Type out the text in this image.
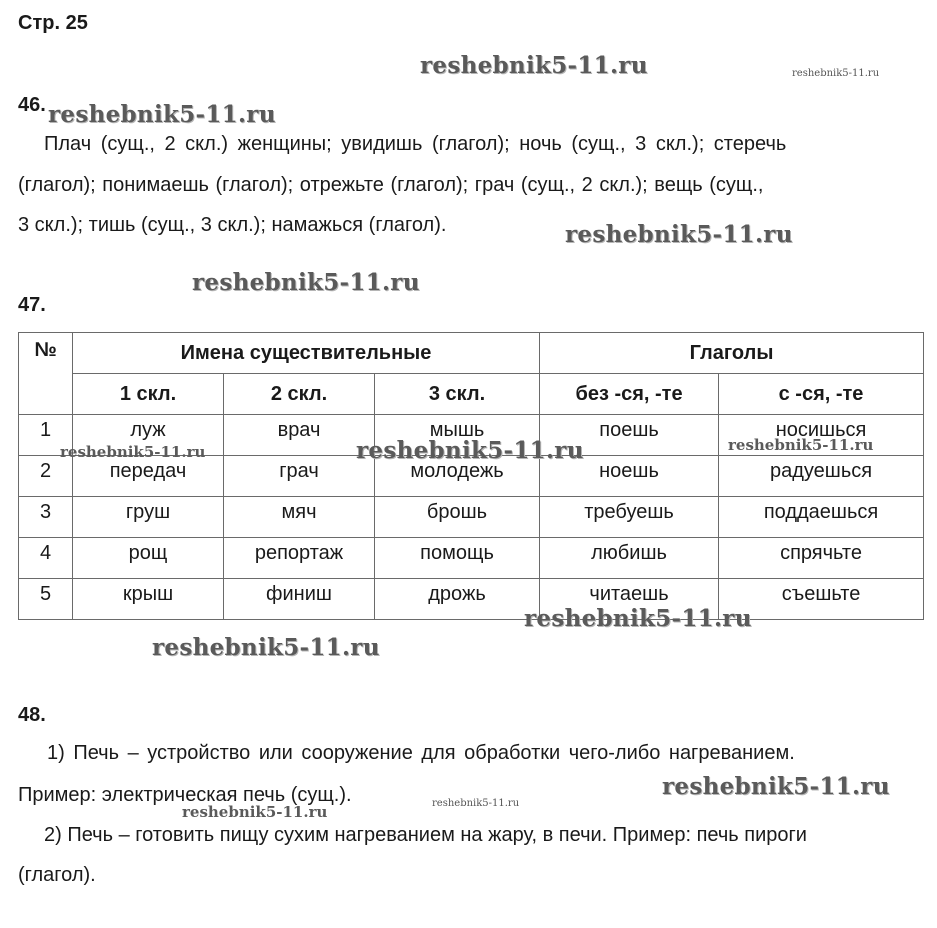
Стр. 25
reshebnik5-11.ru	reshebnik5-11.ru
reshebnik5-11.ru
reshebnik5-11.ru
reshebnik5-11.ru
46.
Плач (сущ., 2 скл.) женщины; увидишь (глагол); ночь (сущ., 3 скл.); стеречь
(глагол); понимаешь (глагол); отрежьте (глагол); грач (сущ., 2 скл.); вещь (сущ.,
3 скл.); тишь (сущ., 3 скл.); намажься (глагол).
47.
№	Имена существительные			Глаголы	
	1 скл.	2 скл.	3 скл.	без -ся, -те	с -ся, -те
1	луж	врач	мышь	поешь	носишься
2	передач	грач	молодежь	ноешь	радуешься
3	груш	мяч	брошь	требуешь	поддаешься
4	рощ	репортаж	помощь	любишь	спрячьте
5	крыш	финиш	дрожь	читаешь	съешьте
reshebnik5-11.ru	reshebnik5-11.ru	reshebnik5-11.ru
reshebnik5-11.ru
reshebnik5-11.ru
48.
1) Печь – устройство или сооружение для обработки чего-либо нагреванием.
Пример: электрическая печь (сущ.).
2) Печь – готовить пищу сухим нагреванием на жару, в печи. Пример: печь пироги
(глагол).
reshebnik5-11.ru
reshebnik5-11.ru	reshebnik5-11.ru
